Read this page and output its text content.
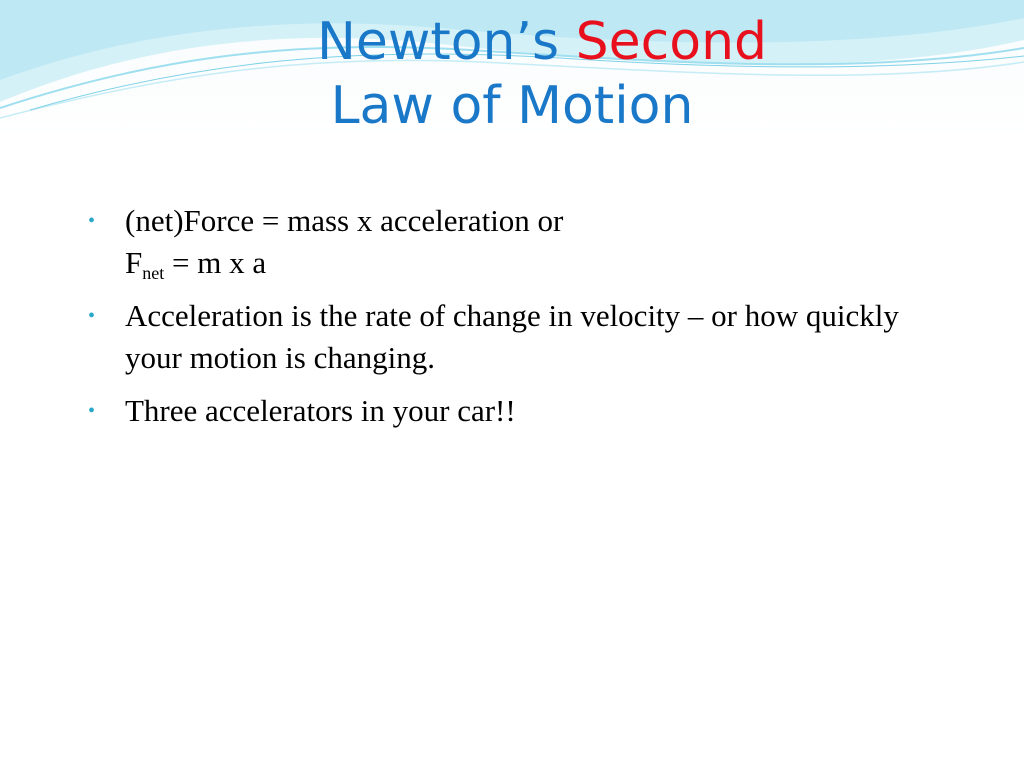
Newton’s Second
Law of Motion
• (net)Force = mass x acceleration or
$F_{net} = m$ x a
• Acceleration is the rate of change in velocity – or how quickly your motion is changing.
• Three accelerators in your car!!
